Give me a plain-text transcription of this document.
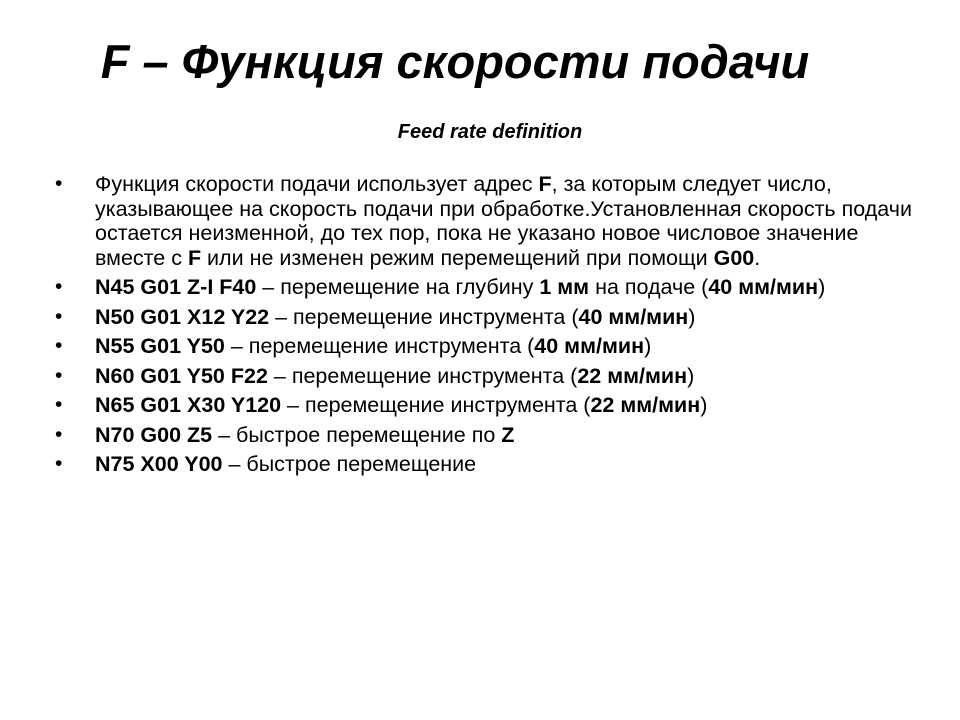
F – Функция скорости подачи
Feed rate definition
•	Функция скорости подачи использует адрес F, за которым следует число, указывающее на скорость подачи при обработке.Установленная скорость подачи остается неизменной, до тех пор, пока не указано новое числовое значение вместе с F или не изменен режим перемещений при помощи G00.
•	N45 G01 Z-I F40 – перемещение на глубину 1 мм на подаче (40 мм/мин)
•	N50 G01 X12 Y22 – перемещение инструмента (40 мм/мин)
•	N55 G01 Y50 – перемещение инструмента (40 мм/мин)
•	N60 G01 Y50 F22 – перемещение инструмента (22 мм/мин)
•	N65 G01 X30 Y120 – перемещение инструмента (22 мм/мин)
•	N70 G00 Z5 – быстрое перемещение по Z
•	N75 X00 Y00 – быстрое перемещение
